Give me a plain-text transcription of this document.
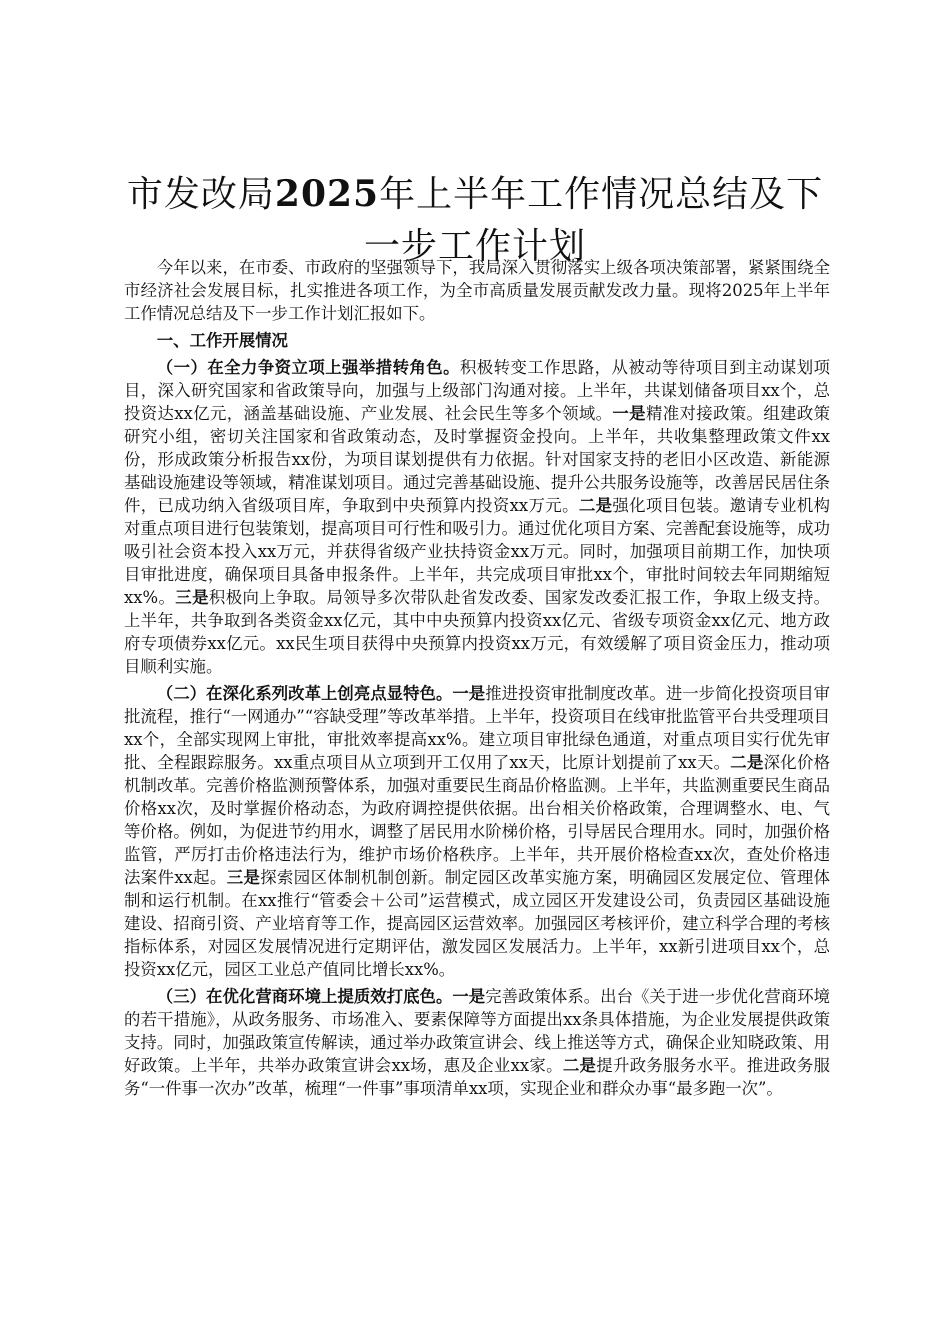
市发改局2025年上半年工作情况总结及下一步工作计划

今年以来，在市委、市政府的坚强领导下，我局深入贯彻落实上级各项决策部署，紧紧围绕全市经济社会发展目标，扎实推进各项工作，为全市高质量发展贡献发改力量。现将2025年上半年工作情况总结及下一步工作计划汇报如下。

一、工作开展情况

（一）在全力争资立项上强举措转角色。积极转变工作思路，从被动等待项目到主动谋划项目，深入研究国家和省政策导向，加强与上级部门沟通对接。上半年，共谋划储备项目xx个，总投资达xx亿元，涵盖基础设施、产业发展、社会民生等多个领域。一是精准对接政策。组建政策研究小组，密切关注国家和省政策动态，及时掌握资金投向。上半年，共收集整理政策文件xx份，形成政策分析报告xx份，为项目谋划提供有力依据。针对国家支持的老旧小区改造、新能源基础设施建设等领域，精准谋划项目。通过完善基础设施、提升公共服务设施等，改善居民居住条件，已成功纳入省级项目库，争取到中央预算内投资xx万元。二是强化项目包装。邀请专业机构对重点项目进行包装策划，提高项目可行性和吸引力。通过优化项目方案、完善配套设施等，成功吸引社会资本投入xx万元，并获得省级产业扶持资金xx万元。同时，加强项目前期工作，加快项目审批进度，确保项目具备申报条件。上半年，共完成项目审批xx个，审批时间较去年同期缩短xx%。三是积极向上争取。局领导多次带队赴省发改委、国家发改委汇报工作，争取上级支持。上半年，共争取到各类资金xx亿元，其中中央预算内投资xx亿元、省级专项资金xx亿元、地方政府专项债券xx亿元。xx民生项目获得中央预算内投资xx万元，有效缓解了项目资金压力，推动项目顺利实施。

（二）在深化系列改革上创亮点显特色。一是推进投资审批制度改革。进一步简化投资项目审批流程，推行“一网通办”“容缺受理”等改革举措。上半年，投资项目在线审批监管平台共受理项目xx个，全部实现网上审批，审批效率提高xx%。建立项目审批绿色通道，对重点项目实行优先审批、全程跟踪服务。xx重点项目从立项到开工仅用了xx天，比原计划提前了xx天。二是深化价格机制改革。完善价格监测预警体系，加强对重要民生商品价格监测。上半年，共监测重要民生商品价格xx次，及时掌握价格动态，为政府调控提供依据。出台相关价格政策，合理调整水、电、气等价格。例如，为促进节约用水，调整了居民用水阶梯价格，引导居民合理用水。同时，加强价格监管，严厉打击价格违法行为，维护市场价格秩序。上半年，共开展价格检查xx次，查处价格违法案件xx起。三是探索园区体制机制创新。制定园区改革实施方案，明确园区发展定位、管理体制和运行机制。在xx推行“管委会＋公司”运营模式，成立园区开发建设公司，负责园区基础设施建设、招商引资、产业培育等工作，提高园区运营效率。加强园区考核评价，建立科学合理的考核指标体系，对园区发展情况进行定期评估，激发园区发展活力。上半年，xx新引进项目xx个，总投资xx亿元，园区工业总产值同比增长xx%。

（三）在优化营商环境上提质效打底色。一是完善政策体系。出台《关于进一步优化营商环境的若干措施》，从政务服务、市场准入、要素保障等方面提出xx条具体措施，为企业发展提供政策支持。同时，加强政策宣传解读，通过举办政策宣讲会、线上推送等方式，确保企业知晓政策、用好政策。上半年，共举办政策宣讲会xx场，惠及企业xx家。二是提升政务服务水平。推进政务服务“一件事一次办”改革，梳理“一件事”事项清单xx项，实现企业和群众办事“最多跑一次”。
